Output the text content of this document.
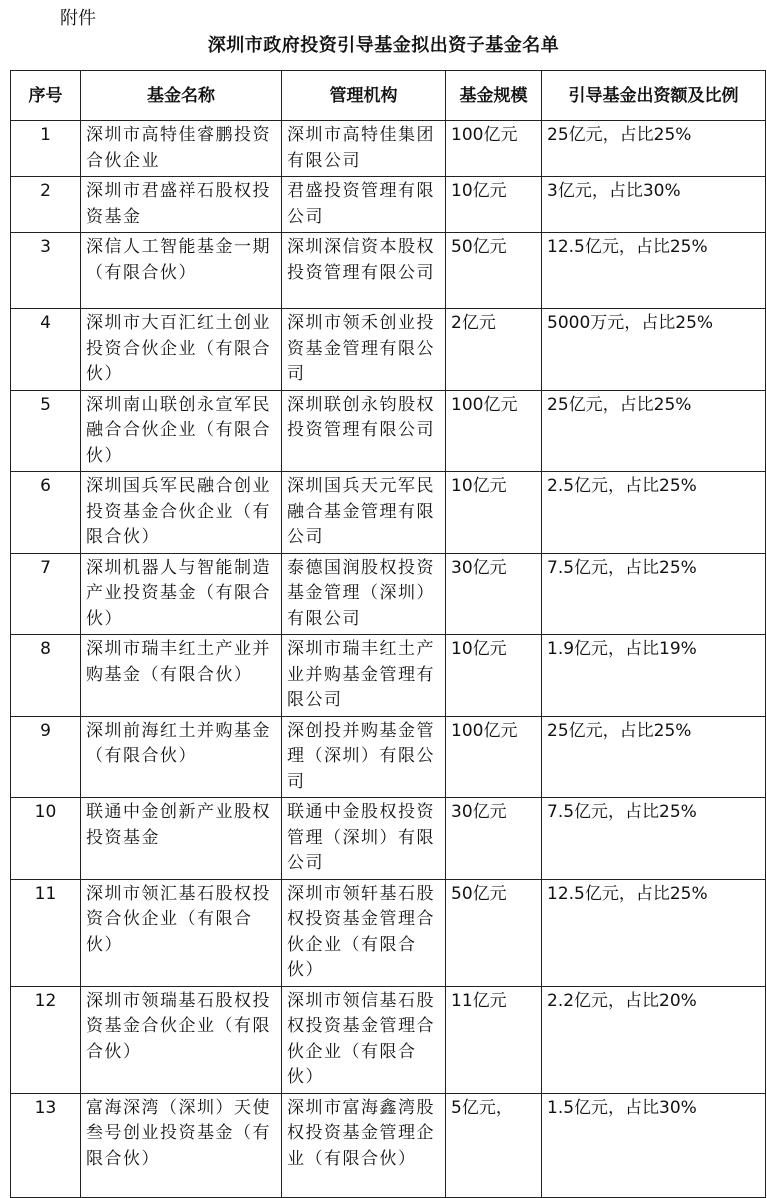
附件
深圳市政府投资引导基金拟出资子基金名单
序号	基金名称	管理机构	基金规模	引导基金出资额及比例
1	深圳市高特佳睿鹏投资合伙企业	深圳市高特佳集团有限公司	100亿元	25亿元，占比25%
2	深圳市君盛祥石股权投资基金	君盛投资管理有限公司	10亿元	3亿元，占比30%
3	深信人工智能基金一期（有限合伙）	深圳深信资本股权投资管理有限公司	50亿元	12.5亿元，占比25%
4	深圳市大百汇红土创业投资合伙企业（有限合伙）	深圳市领禾创业投资基金管理有限公司	2亿元	5000万元，占比25%
5	深圳南山联创永宣军民融合合伙企业（有限合伙）	深圳联创永钧股权投资管理有限公司	100亿元	25亿元，占比25%
6	深圳国兵军民融合创业投资基金合伙企业（有限合伙）	深圳国兵天元军民融合基金管理有限公司	10亿元	2.5亿元，占比25%
7	深圳机器人与智能制造产业投资基金（有限合伙）	泰德国润股权投资基金管理（深圳）有限公司	30亿元	7.5亿元，占比25%
8	深圳市瑞丰红土产业并购基金（有限合伙）	深圳市瑞丰红土产业并购基金管理有限公司	10亿元	1.9亿元，占比19%
9	深圳前海红土并购基金（有限合伙）	深创投并购基金管理（深圳）有限公司	100亿元	25亿元，占比25%
10	联通中金创新产业股权投资基金	联通中金股权投资管理（深圳）有限公司	30亿元	7.5亿元，占比25%
11	深圳市领汇基石股权投资合伙企业（有限合伙）	深圳市领轩基石股权投资基金管理合伙企业（有限合伙）	50亿元	12.5亿元，占比25%
12	深圳市领瑞基石股权投资基金合伙企业（有限合伙）	深圳市领信基石股权投资基金管理合伙企业（有限合伙）	11亿元	2.2亿元，占比20%
13	富海深湾（深圳）天使叁号创业投资基金（有限合伙）	深圳市富海鑫湾股权投资基金管理企业（有限合伙）	5亿元，	1.5亿元，占比30%
